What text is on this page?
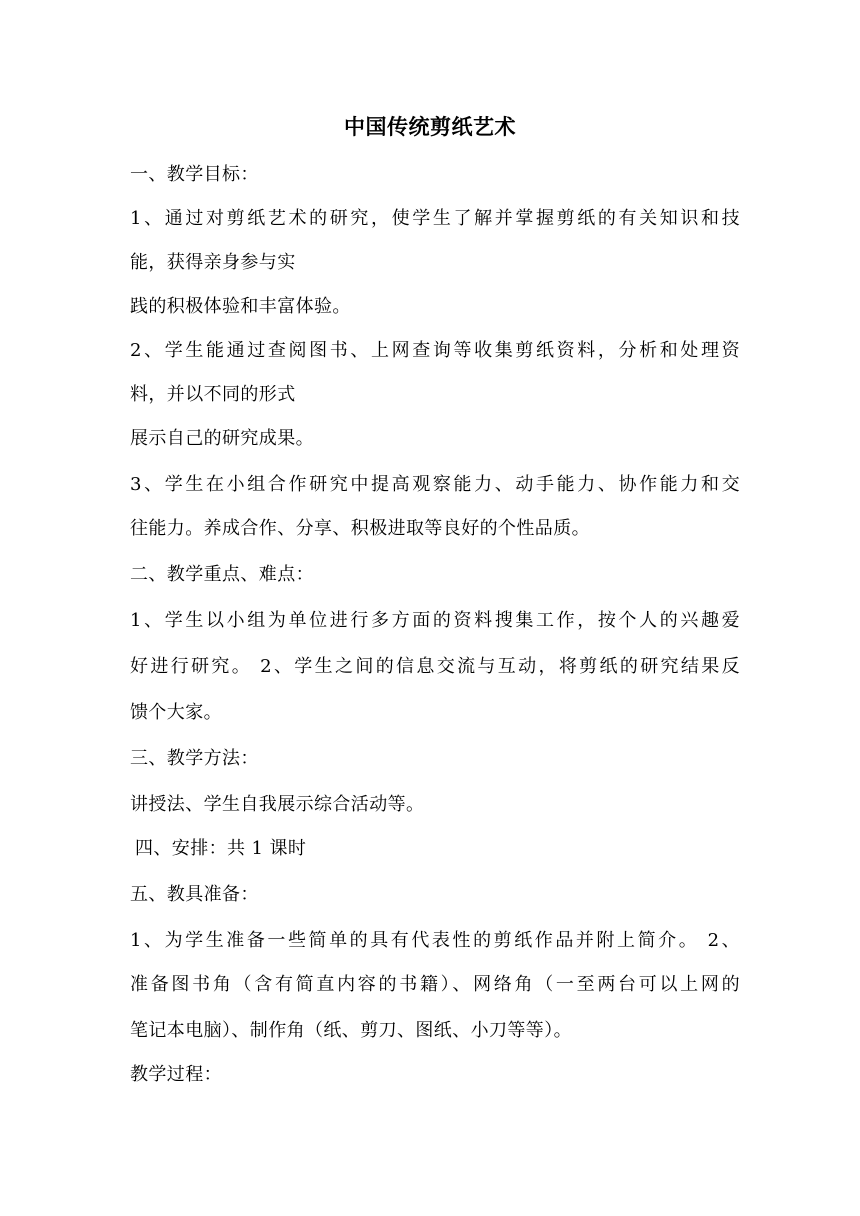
中国传统剪纸艺术
一、教学目标：
1、通过对剪纸艺术的研究，使学生了解并掌握剪纸的有关知识和技
能，获得亲身参与实
践的积极体验和丰富体验。
2、学生能通过查阅图书、上网查询等收集剪纸资料，分析和处理资
料，并以不同的形式
展示自己的研究成果。
3、学生在小组合作研究中提高观察能力、动手能力、协作能力和交
往能力。养成合作、分享、积极进取等良好的个性品质。
二、教学重点、难点：
1、学生以小组为单位进行多方面的资料搜集工作，按个人的兴趣爱
好进行研究。 2、学生之间的信息交流与互动，将剪纸的研究结果反
馈个大家。
三、教学方法：
讲授法、学生自我展示综合活动等。
四、安排：共 1 课时
五、教具准备：
1、为学生准备一些简单的具有代表性的剪纸作品并附上简介。 2、
准备图书角（含有简直内容的书籍）、网络角（一至两台可以上网的
笔记本电脑）、制作角（纸、剪刀、图纸、小刀等等）。
教学过程：
